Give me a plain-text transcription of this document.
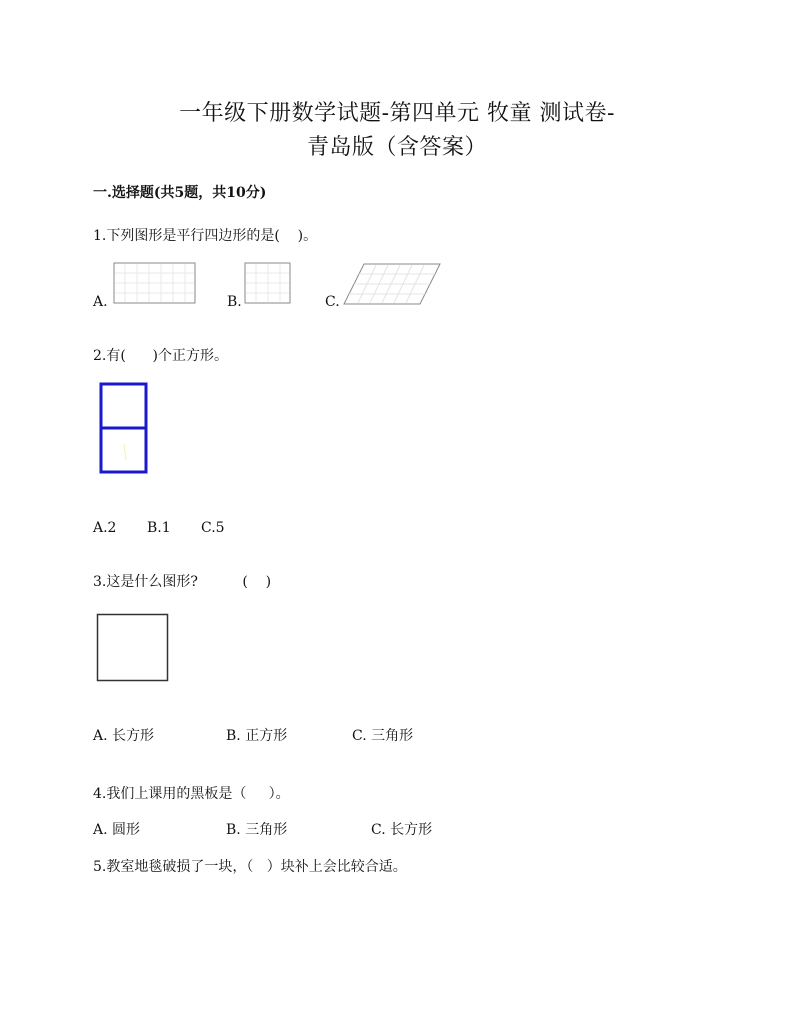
一年级下册数学试题-第四单元 牧童 测试卷-
青岛版（含答案）
一.选择题(共5题，共10分)
1.下列图形是平行四边形的是(    )。
A.	B.	C.
2.有(      )个正方形。
A.2 B.1 C.5
3.这是什么图形?          (    )
A. 长方形	B. 正方形	C. 三角形
4.我们上课用的黑板是（     ）。
A. 圆形	B. 三角形	C. 长方形
5.教室地毯破损了一块，（   ）块补上会比较合适。
